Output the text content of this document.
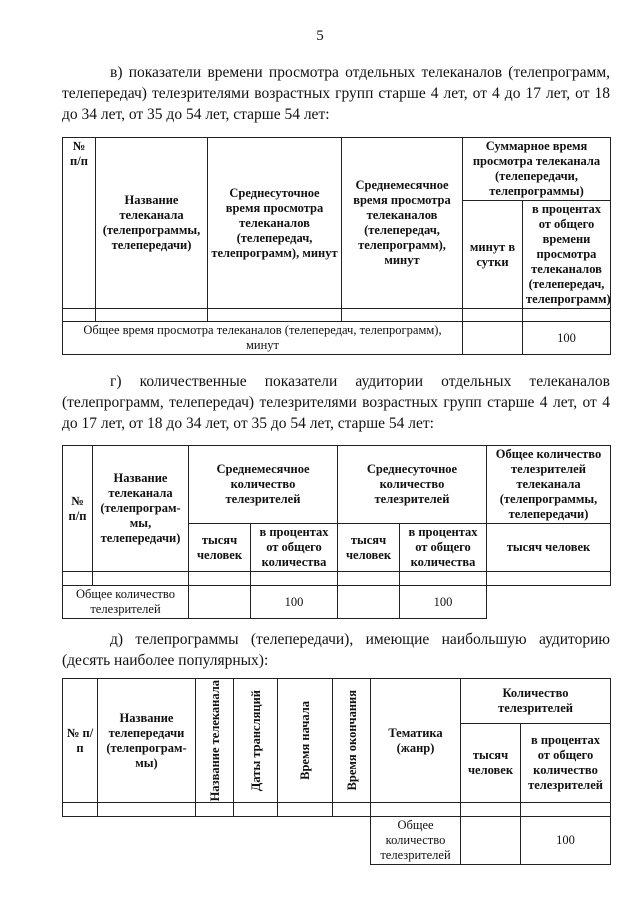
5
в) показатели времени просмотра отдельных телеканалов (телепрограмм, телепередач) телезрителями возрастных групп старше 4 лет, от 4 до 17 лет, от 18 до 34 лет, от 35 до 54 лет, старше 54 лет:
№ п/п	Название телеканала (телепрограммы, телепередачи)	Среднесуточное время просмотра телеканалов (телепередач, телепрограмм), минут	Среднемесячное время просмотра телеканалов (телепередач, телепрограмм), минут	Суммарное время просмотра телеканала (телепередачи, телепрограммы)	
				минут в сутки	в процентах от общего времени просмотра телеканалов (телепередач, телепрограмм)

Общее время просмотра телеканалов (телепередач, телепрограмм), минут					100
г) количественные показатели аудитории отдельных телеканалов (телепрограмм, телепередач) телезрителями возрастных групп старше 4 лет, от 4 до 17 лет, от 18 до 34 лет, от 35 до 54 лет, старше 54 лет:
№ п/п	Название телеканала (телепрограм-мы, телепередачи)	Среднемесячное количество телезрителей		Среднесуточное количество телезрителей		Общее количество телезрителей телеканала (телепрограммы, телепередачи)
		тысяч человек	в процентах от общего количества	тысяч человек	в процентах от общего количества	тысяч человек

Общее количество телезрителей			100		100	
д) телепрограммы (телепередачи), имеющие наибольшую аудиторию (десять наиболее популярных):
№ п/п	Название телепередачи (телепрограм-мы)	Название телеканала	Даты трансляций	Время начала	Время окончания	Тематика (жанр)	Количество телезрителей	
							тысяч человек	в процентах от общего количество телезрителей

						Общее количество телезрителей		100
